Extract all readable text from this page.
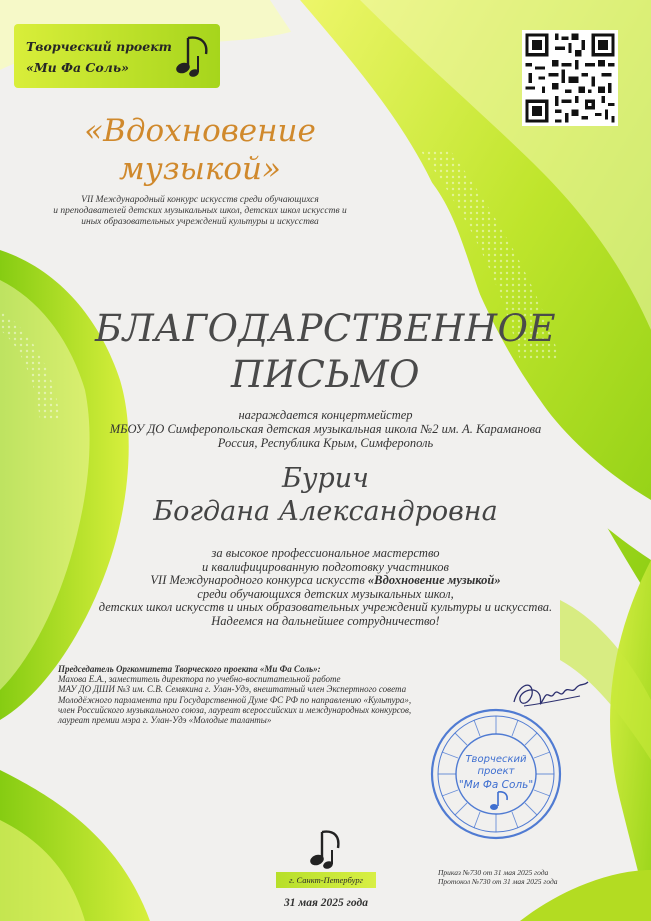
Творческий проект
«Ми Фа Соль»
«Вдохновение
музыкой»
VII Международный конкурс искусств среди обучающихся
и преподавателей детских музыкальных школ, детских школ искусств и
иных образовательных учреждений культуры и искусства
БЛАГОДАРСТВЕННОЕ
ПИСЬМО
награждается концертмейстер
МБОУ ДО Симферопольская детская музыкальная школа №2 им. А. Караманова
Россия, Республика Крым, Симферополь
Бурич
Богдана Александровна
за высокое профессиональное мастерство
и квалифицированную подготовку участников
VII Международного конкурса искусств «Вдохновение музыкой»
среди обучающихся детских музыкальных школ,
детских школ искусств и иных образовательных учреждений культуры и искусства.
Надеемся на дальнейшее сотрудничество!
Председатель Оргкомитета Творческого проекта «Ми Фа Соль»:
Махова Е.А., заместитель директора по учебно-воспитательной работе
МАУ ДО ДШИ №3 им. С.В. Семякина г. Улан-Удэ, внештатный член Экспертного совета
Молодёжного парламента при Государственной Думе ФС РФ по направлению «Культура»,
член Российского музыкального союза, лауреат всероссийских и международных конкурсов,
лауреат премии мэра г. Улан-Удэ «Молодые таланты»
Творческий
проект
"Ми Фа Соль"
г. Санкт-Петербург
31 мая 2025 года
Приказ №730 от 31 мая 2025 года
Протокол №730 от 31 мая 2025 года
